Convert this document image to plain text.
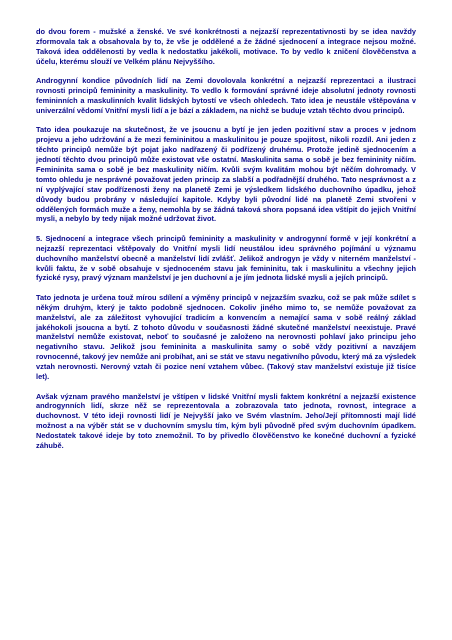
do dvou forem - mužské a ženské. Ve své konkrétnosti a nejzazší reprezentativnosti by se idea navždy zformovala tak a obsahovala by to, že vše je oddělené a že žádné sjednocení a integrace nejsou možné. Taková idea oddělenosti by vedla k nedostatku jakékoli, motivace. To by vedlo k zničení člověčenstva a účelu, kterému slouží ve Velkém plánu Nejvyššího.

Androgynní kondice původních lidí na Zemi dovolovala konkrétní a nejzazší reprezentaci a ilustraci rovnosti principů femininity a maskulinity. To vedlo k formování správné ideje absolutní jednoty rovnosti femininních a maskulinních kvalit lidských bytostí ve všech ohledech. Tato idea je neustále vštěpována v univerzální vědomí Vnitřní mysli lidí a je bází a základem, na nichž se buduje vztah těchto dvou principů.

Tato idea poukazuje na skutečnost, že ve jsoucnu a bytí je jen jeden pozitivní stav a proces v jednom projevu a jeho udržování a že mezi femininitou a maskulinitou je pouze spojitost, nikoli rozdíl. Ani jeden z těchto principů nemůže být pojat jako nadřazený či podřízený druhému. Protože jedině sjednocením a jednotí těchto dvou principů může existovat vše ostatní. Maskulinita sama o sobě je bez femininity ničím. Femininita sama o sobě je bez maskulinity ničím. Kvůli svým kvalitám mohou být něčím dohromady. V tomto ohledu je nesprávné považovat jeden princip za slabší a podřadnější druhého. Tato nesprávnost a z ní vyplývající stav podřízenosti ženy na planetě Zemi je výsledkem lidského duchovního úpadku, jehož důvody budou probrány v následující kapitole. Kdyby byli původní lidé na planetě Zemi stvořeni v oddělených formách muže a ženy, nemohla by se žádná taková shora popsaná idea vštípit do jejich Vnitřní mysli, a nebylo by tedy nijak možné udržovat život.

5. Sjednocení a integrace všech principů femininity a maskulinity v androgynní formě v její konkrétní a nejzazší reprezentaci vštěpovaly do Vnitřní mysli lidí neustálou ideu správného pojímání u významu duchovního manželství obecně a manželství lidí zvlášť. Jelikož androgyn je vždy v niterném manželství - kvůli faktu, že v sobě obsahuje v sjednoceném stavu jak femininitu, tak i maskulinitu a všechny jejich fyzické rysy, pravý význam manželství je jen duchovní a je jím jednota lidské mysli a jejích principů.

Tato jednota je určena touž mírou sdílení a výměny principů v nejzazším svazku, což se pak může sdílet s někým druhým, který je takto podobně sjednocen. Cokoliv jiného mimo to, se nemůže považovat za manželství, ale za záležitost vyhovující tradicím a konvencím a nemající sama v sobě reálný základ jakéhokoli jsoucna a bytí. Z tohoto důvodu v současnosti žádné skutečné manželství neexistuje. Pravé manželství nemůže existovat, neboť to současné je založeno na nerovnosti pohlaví jako principu jeho negativního stavu. Jelikož jsou femininita a maskulinita samy o sobě vždy pozitivní a navzájem rovnocenné, takový jev nemůže ani probíhat, ani se stát ve stavu negativního původu, který má za výsledek vztah nerovnosti. Nerovný vztah či pozice není vztahem vůbec. (Takový stav manželství existuje již tisíce let).

Avšak význam pravého manželství je vštípen v lidské Vnitřní mysli faktem konkrétní a nejzazší existence androgynních lidí, skrze něž se reprezentovala a zobrazovala tato jednota, rovnost, integrace a duchovnost. V této ideji rovnosti lidí je Nejvyšší jako ve Svém vlastním. Jeho/Její přítomnosti mají lidé možnost a na výběr stát se v duchovním smyslu tím, kým byli původně před svým duchovním úpadkem. Nedostatek takové ideje by toto znemožnil. To by přivedlo člověčenstvo ke konečné duchovní a fyzické záhubě.
